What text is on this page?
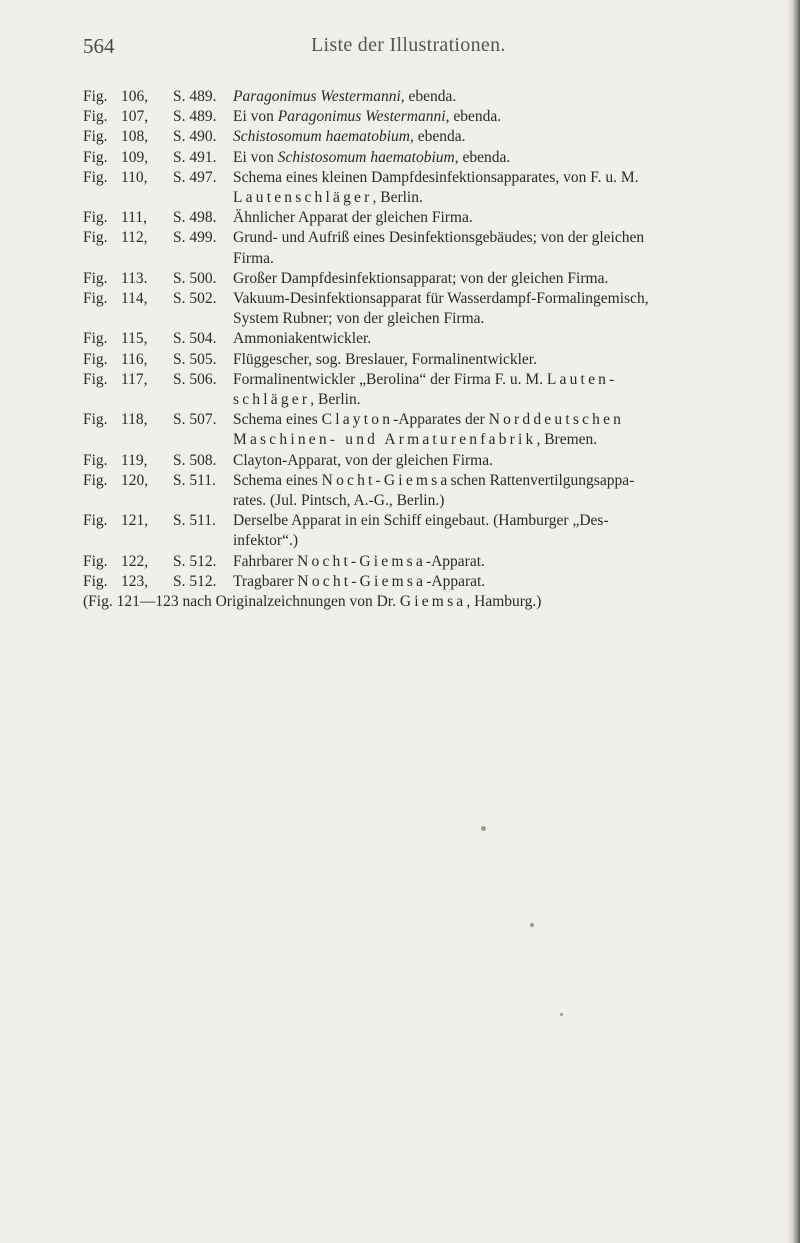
564	Liste der Illustrationen.
Fig. 106,	S. 489.	Paragonimus Westermanni, ebenda.
Fig. 107,	S. 489.	Ei von Paragonimus Westermanni, ebenda.
Fig. 108,	S. 490.	Schistosomum haematobium, ebenda.
Fig. 109,	S. 491.	Ei von Schistosomum haematobium, ebenda.
Fig. 110,	S. 497.	Schema eines kleinen Dampfdesinfektionsapparates, von F. u. M.
Lautenschläger, Berlin.
Fig. 111,	S. 498.	Ähnlicher Apparat der gleichen Firma.
Fig. 112,	S. 499.	Grund- und Aufriß eines Desinfektionsgebäudes; von der gleichen
Firma.
Fig. 113.	S. 500.	Großer Dampfdesinfektionsapparat; von der gleichen Firma.
Fig. 114,	S. 502.	Vakuum-Desinfektionsapparat für Wasserdampf-Formalingemisch,
System Rubner; von der gleichen Firma.
Fig. 115,	S. 504.	Ammoniakentwickler.
Fig. 116,	S. 505.	Flüggescher, sog. Breslauer, Formalinentwickler.
Fig. 117,	S. 506.	Formalinentwickler „Berolina“ der Firma F. u. M. Lauten-
schläger, Berlin.
Fig. 118,	S. 507.	Schema eines Clayton-Apparates der Norddeutschen
Maschinen- und Armaturenfabrik, Bremen.
Fig. 119,	S. 508.	Clayton-Apparat, von der gleichen Firma.
Fig. 120,	S. 511.	Schema eines Nocht-Giemsaschen Rattenvertilgungsappa-
rates. (Jul. Pintsch, A.-G., Berlin.)
Fig. 121,	S. 511.	Derselbe Apparat in ein Schiff eingebaut. (Hamburger „Des-
infektor“.)
Fig. 122,	S. 512.	Fahrbarer Nocht-Giemsa-Apparat.
Fig. 123,	S. 512.	Tragbarer Nocht-Giemsa-Apparat.
(Fig. 121—123 nach Originalzeichnungen von Dr. Giemsa, Hamburg.)
